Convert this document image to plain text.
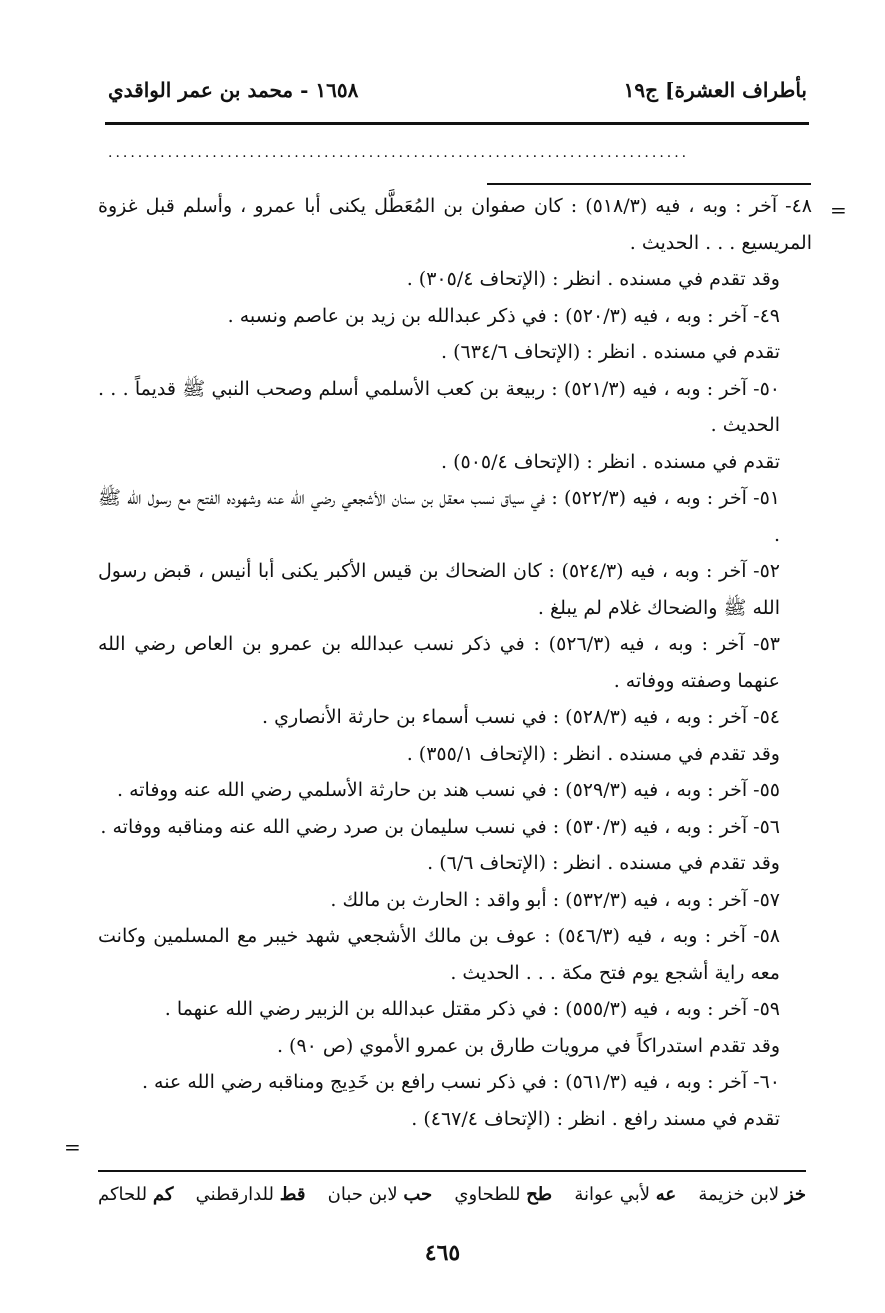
بأطراف العشرة] ج١٩
١٦٥٨ - محمد بن عمر الواقدي
..............................................................................
=
=

٤٨- آخر : وبه ، فيه (٥١٨/٣) : كان صفوان بن المُعَطَّل يكنى أبا عمرو ، وأسلم قبل غزوة المريسيع . . . الحديث .

وقد تقدم في مسنده . انظر : (الإتحاف ٣٠٥/٤) .

٤٩- آخر : وبه ، فيه (٥٢٠/٣) : في ذكر عبدالله بن زيد بن عاصم ونسبه .

تقدم في مسنده . انظر : (الإتحاف ٦٣٤/٦) .

٥٠- آخر : وبه ، فيه (٥٢١/٣) : ربيعة بن كعب الأسلمي أسلم وصحب النبي ﷺ قديماً . . . الحديث .

تقدم في مسنده . انظر : (الإتحاف ٥٠٥/٤) .

٥١- آخر : وبه ، فيه (٥٢٢/٣) : في سياق نسب معقل بن سنان الأشجعي رضي الله عنه وشهوده الفتح مع رسول الله ﷺ .

٥٢- آخر : وبه ، فيه (٥٢٤/٣) : كان الضحاك بن قيس الأكبر يكنى أبا أنيس ، قبض رسول الله ﷺ والضحاك غلام لم يبلغ .

٥٣- آخر : وبه ، فيه (٥٢٦/٣) : في ذكر نسب عبدالله بن عمرو بن العاص رضي الله عنهما وصفته ووفاته .

٥٤- آخر : وبه ، فيه (٥٢٨/٣) : في نسب أسماء بن حارثة الأنصاري .

وقد تقدم في مسنده . انظر : (الإتحاف ٣٥٥/١) .

٥٥- آخر : وبه ، فيه (٥٢٩/٣) : في نسب هند بن حارثة الأسلمي رضي الله عنه ووفاته .

٥٦- آخر : وبه ، فيه (٥٣٠/٣) : في نسب سليمان بن صرد رضي الله عنه ومناقبه ووفاته .

وقد تقدم في مسنده . انظر : (الإتحاف ٦/٦) .

٥٧- آخر : وبه ، فيه (٥٣٢/٣) : أبو واقد : الحارث بن مالك .

٥٨- آخر : وبه ، فيه (٥٤٦/٣) : عوف بن مالك الأشجعي شهد خيبر مع المسلمين وكانت معه راية أشجع يوم فتح مكة . . . الحديث .

٥٩- آخر : وبه ، فيه (٥٥٥/٣) : في ذكر مقتل عبدالله بن الزبير رضي الله عنهما .

وقد تقدم استدراكاً في مرويات طارق بن عمرو الأموي (ص ٩٠) .

٦٠- آخر : وبه ، فيه (٥٦١/٣) : في ذكر نسب رافع بن خَدِيج ومناقبه رضي الله عنه .

تقدم في مسند رافع . انظر : (الإتحاف ٤٦٧/٤) .

خز لابن خزيمة
عه لأبي عوانة
طح للطحاوي
حب لابن حبان
قط للدارقطني
كم للحاكم
٤٦٥
